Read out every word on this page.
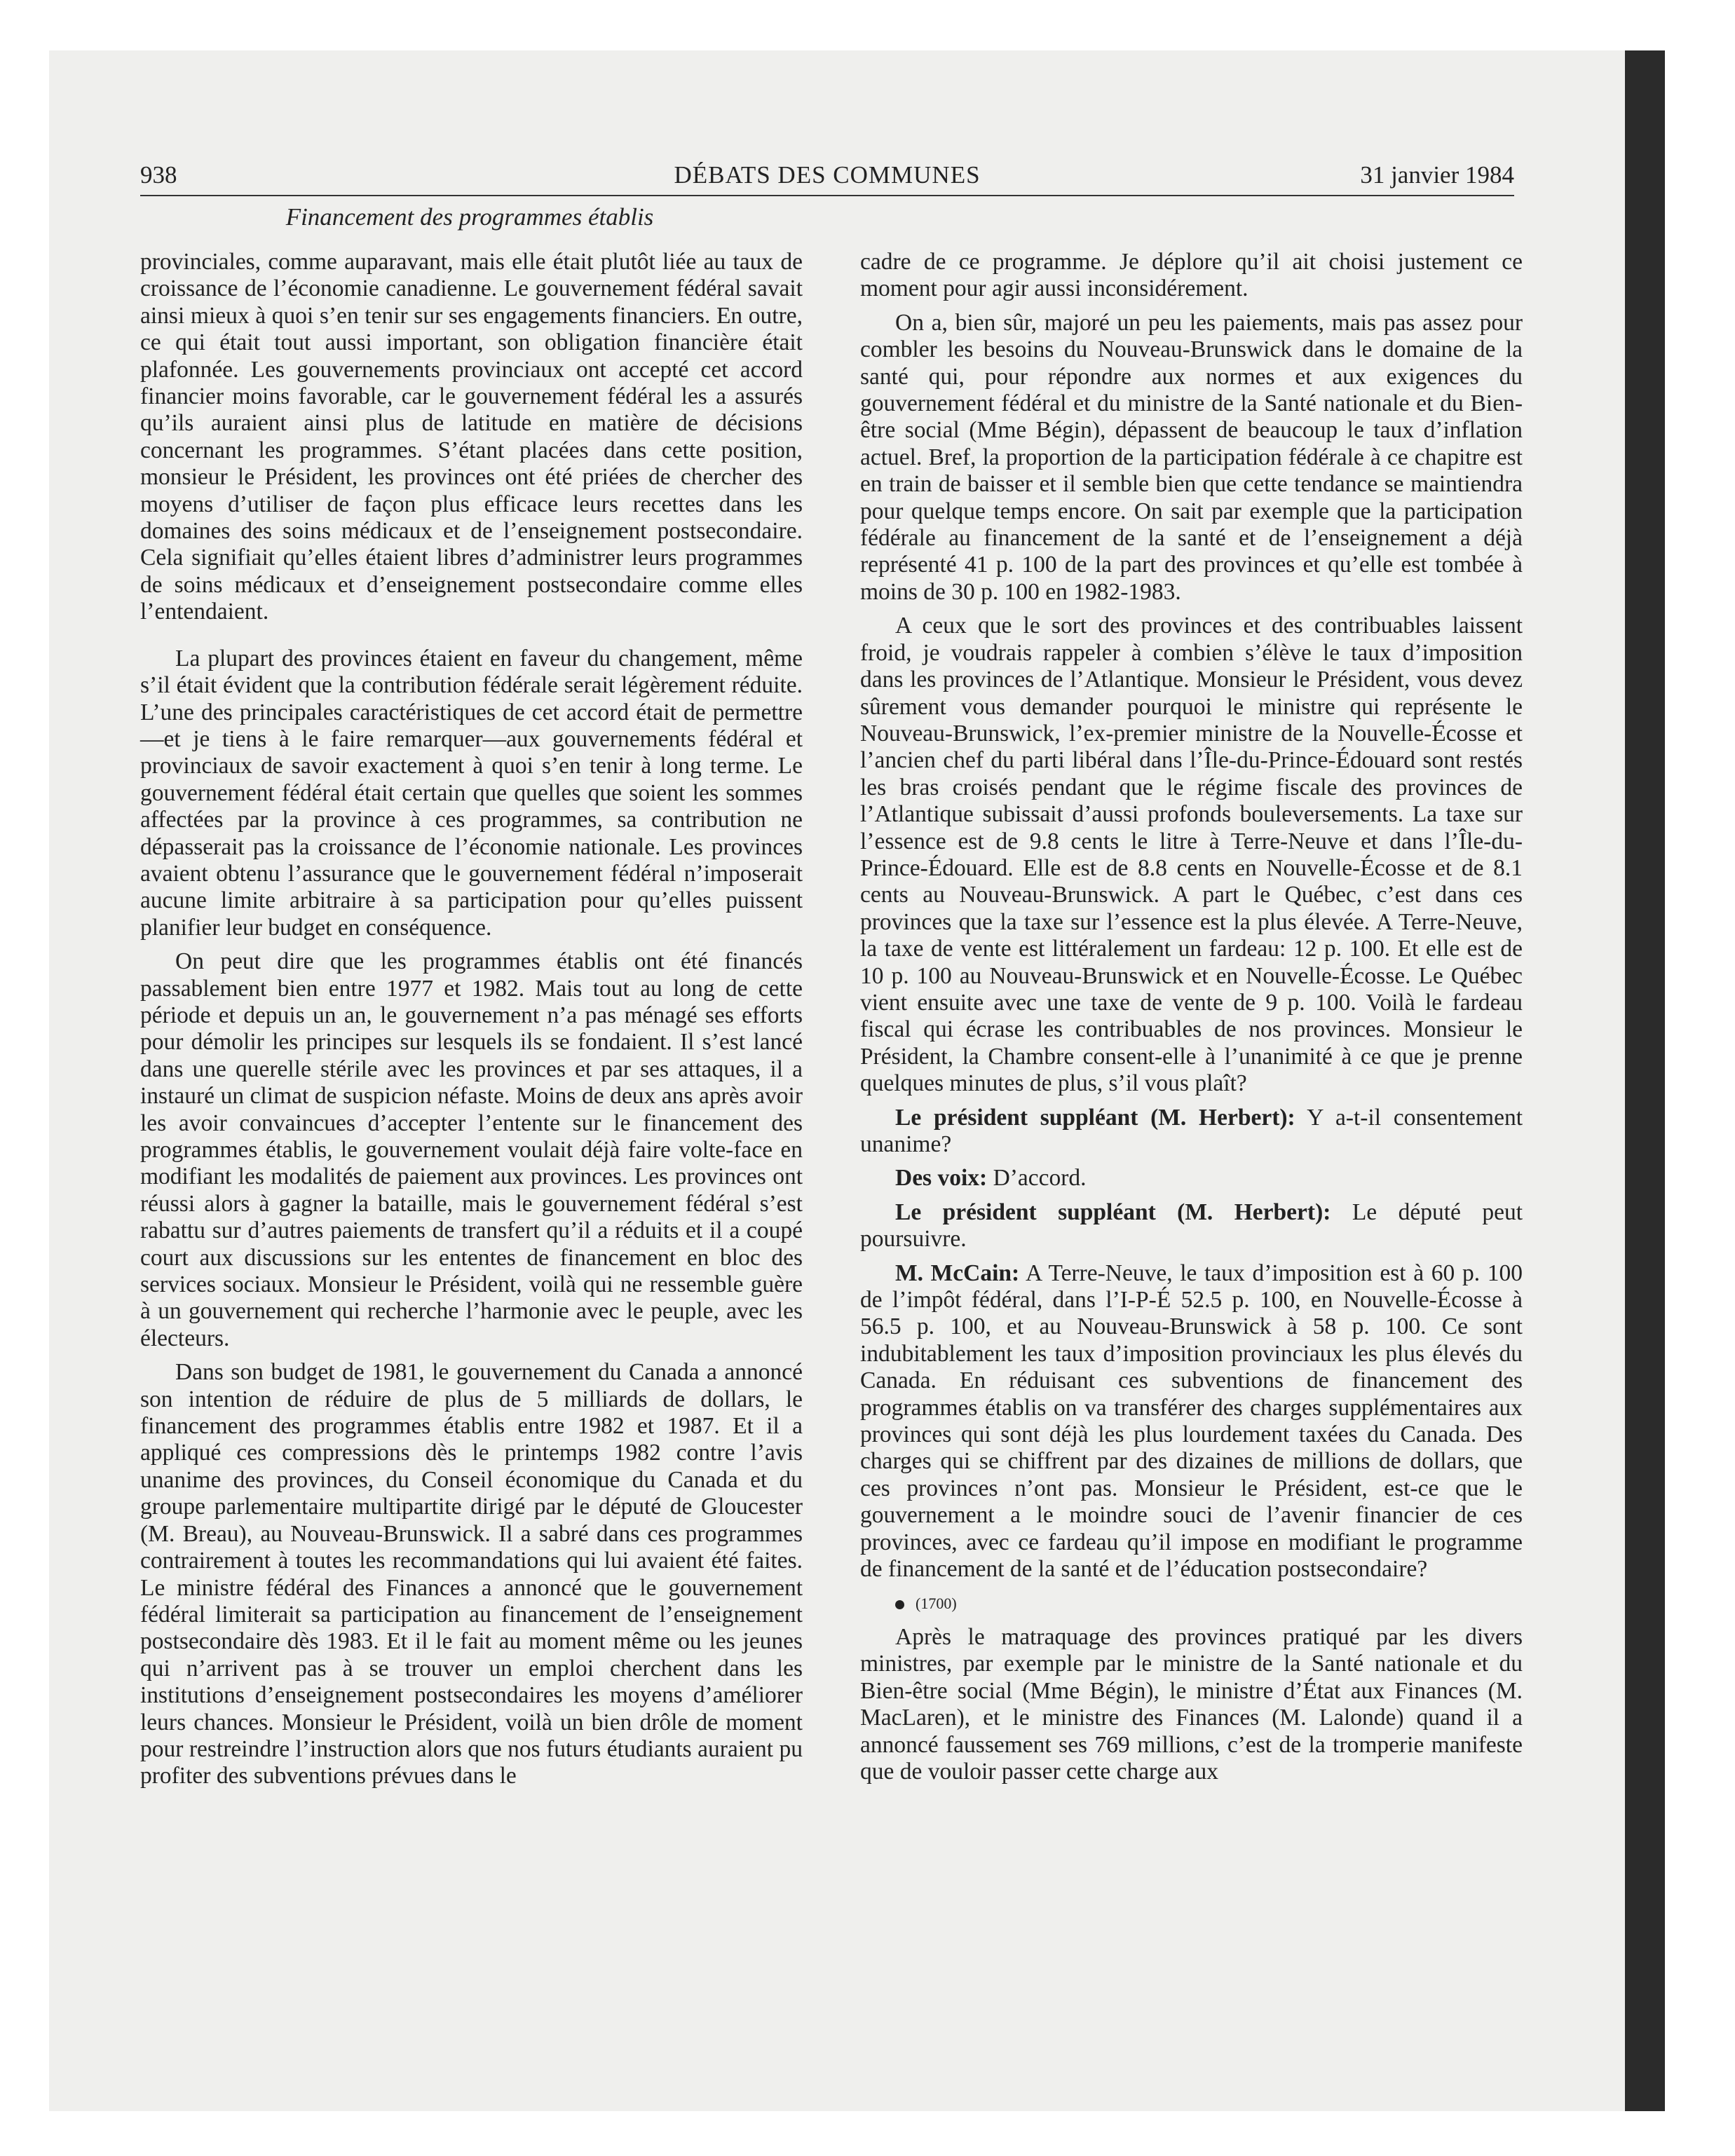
938	DÉBATS DES COMMUNES	31 janvier 1984
Financement des programmes établis

provinciales, comme auparavant, mais elle était plutôt liée au taux de croissance de l’économie canadienne. Le gouvernement fédéral savait ainsi mieux à quoi s’en tenir sur ses engagements financiers. En outre, ce qui était tout aussi important, son obligation financière était plafonnée. Les gouvernements provinciaux ont accepté cet accord financier moins favorable, car le gouvernement fédéral les a assurés qu’ils auraient ainsi plus de latitude en matière de décisions concernant les programmes. S’étant placées dans cette position, monsieur le Président, les provinces ont été priées de chercher des moyens d’utiliser de façon plus efficace leurs recettes dans les domaines des soins médicaux et de l’enseignement postsecondaire. Cela signifiait qu’elles étaient libres d’administrer leurs programmes de soins médicaux et d’enseignement postsecondaire comme elles l’entendaient.

La plupart des provinces étaient en faveur du changement, même s’il était évident que la contribution fédérale serait légèrement réduite. L’une des principales caractéristiques de cet accord était de permettre—et je tiens à le faire remarquer—aux gouvernements fédéral et provinciaux de savoir exactement à quoi s’en tenir à long terme. Le gouvernement fédéral était certain que quelles que soient les sommes affectées par la province à ces programmes, sa contribution ne dépasserait pas la croissance de l’économie nationale. Les provinces avaient obtenu l’assurance que le gouvernement fédéral n’imposerait aucune limite arbitraire à sa participation pour qu’elles puissent planifier leur budget en conséquence.

On peut dire que les programmes établis ont été financés passablement bien entre 1977 et 1982. Mais tout au long de cette période et depuis un an, le gouvernement n’a pas ménagé ses efforts pour démolir les principes sur lesquels ils se fondaient. Il s’est lancé dans une querelle stérile avec les provinces et par ses attaques, il a instauré un climat de suspicion néfaste. Moins de deux ans après avoir les avoir convaincues d’accepter l’entente sur le financement des programmes établis, le gouvernement voulait déjà faire volte-face en modifiant les modalités de paiement aux provinces. Les provinces ont réussi alors à gagner la bataille, mais le gouvernement fédéral s’est rabattu sur d’autres paiements de transfert qu’il a réduits et il a coupé court aux discussions sur les ententes de financement en bloc des services sociaux. Monsieur le Président, voilà qui ne ressemble guère à un gouvernement qui recherche l’harmonie avec le peuple, avec les électeurs.

Dans son budget de 1981, le gouvernement du Canada a annoncé son intention de réduire de plus de 5 milliards de dollars, le financement des programmes établis entre 1982 et 1987. Et il a appliqué ces compressions dès le printemps 1982 contre l’avis unanime des provinces, du Conseil économique du Canada et du groupe parlementaire multipartite dirigé par le député de Gloucester (M. Breau), au Nouveau-Brunswick. Il a sabré dans ces programmes contrairement à toutes les recommandations qui lui avaient été faites. Le ministre fédéral des Finances a annoncé que le gouvernement fédéral limiterait sa participation au financement de l’enseignement postsecondaire dès 1983. Et il le fait au moment même ou les jeunes qui n’arrivent pas à se trouver un emploi cherchent dans les institutions d’enseignement postsecondaires les moyens d’améliorer leurs chances. Monsieur le Président, voilà un bien drôle de moment pour restreindre l’instruction alors que nos futurs étudiants auraient pu profiter des subventions prévues dans le

cadre de ce programme. Je déplore qu’il ait choisi justement ce moment pour agir aussi inconsidérement.

On a, bien sûr, majoré un peu les paiements, mais pas assez pour combler les besoins du Nouveau-Brunswick dans le domaine de la santé qui, pour répondre aux normes et aux exigences du gouvernement fédéral et du ministre de la Santé nationale et du Bien-être social (Mme Bégin), dépassent de beaucoup le taux d’inflation actuel. Bref, la proportion de la participation fédérale à ce chapitre est en train de baisser et il semble bien que cette tendance se maintiendra pour quelque temps encore. On sait par exemple que la participation fédérale au financement de la santé et de l’enseignement a déjà représenté 41 p. 100 de la part des provinces et qu’elle est tombée à moins de 30 p. 100 en 1982-1983.

A ceux que le sort des provinces et des contribuables laissent froid, je voudrais rappeler à combien s’élève le taux d’imposition dans les provinces de l’Atlantique. Monsieur le Président, vous devez sûrement vous demander pourquoi le ministre qui représente le Nouveau-Brunswick, l’ex-premier ministre de la Nouvelle-Écosse et l’ancien chef du parti libéral dans l’Île-du-Prince-Édouard sont restés les bras croisés pendant que le régime fiscale des provinces de l’Atlantique subissait d’aussi profonds bouleversements. La taxe sur l’essence est de 9.8 cents le litre à Terre-Neuve et dans l’Île-du-Prince-Édouard. Elle est de 8.8 cents en Nouvelle-Écosse et de 8.1 cents au Nouveau-Brunswick. A part le Québec, c’est dans ces provinces que la taxe sur l’essence est la plus élevée. A Terre-Neuve, la taxe de vente est littéralement un fardeau: 12 p. 100. Et elle est de 10 p. 100 au Nouveau-Brunswick et en Nouvelle-Écosse. Le Québec vient ensuite avec une taxe de vente de 9 p. 100. Voilà le fardeau fiscal qui écrase les contribuables de nos provinces. Monsieur le Président, la Chambre consent-elle à l’unanimité à ce que je prenne quelques minutes de plus, s’il vous plaît?

Le président suppléant (M. Herbert): Y a-t-il consentement unanime?

Des voix: D’accord.

Le président suppléant (M. Herbert): Le député peut poursuivre.

M. McCain: A Terre-Neuve, le taux d’imposition est à 60 p. 100 de l’impôt fédéral, dans l’I-P-É 52.5 p. 100, en Nouvelle-Écosse à 56.5 p. 100, et au Nouveau-Brunswick à 58 p. 100. Ce sont indubitablement les taux d’imposition provinciaux les plus élevés du Canada. En réduisant ces subventions de financement des programmes établis on va transférer des charges supplémentaires aux provinces qui sont déjà les plus lourdement taxées du Canada. Des charges qui se chiffrent par des dizaines de millions de dollars, que ces provinces n’ont pas. Monsieur le Président, est-ce que le gouvernement a le moindre souci de l’avenir financier de ces provinces, avec ce fardeau qu’il impose en modifiant le programme de financement de la santé et de l’éducation postsecondaire?

(1700)

Après le matraquage des provinces pratiqué par les divers ministres, par exemple par le ministre de la Santé nationale et du Bien-être social (Mme Bégin), le ministre d’État aux Finances (M. MacLaren), et le ministre des Finances (M. Lalonde) quand il a annoncé faussement ses 769 millions, c’est de la tromperie manifeste que de vouloir passer cette charge aux
